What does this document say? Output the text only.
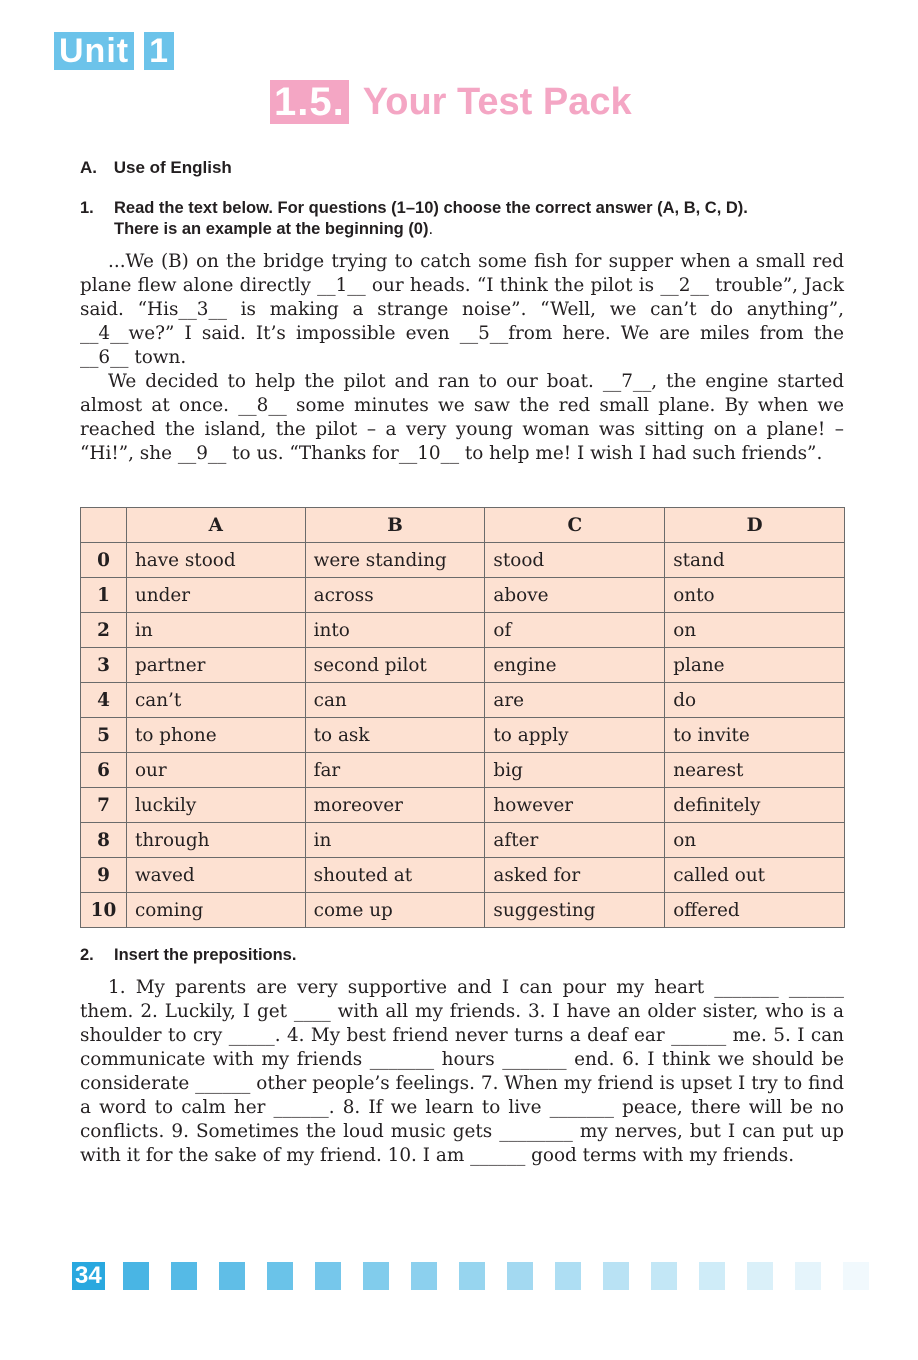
Unit 1
1.5. Your Test Pack
A. Use of English
1.	Read the text below. For questions (1–10) choose the correct answer (A, B, C, D).
There is an example at the beginning (0).

...We (B) on the bridge trying to catch some fish for supper when a small red plane flew alone directly __1__ our heads. “I think the pilot is __2__ trouble”, Jack said. “His__3__ is making a strange noise”. “Well, we can’t do anything”, __4__we?” I said. It’s impossible even __5__from here. We are miles from the __6__ town.

We decided to help the pilot and ran to our boat. __7__, the engine started almost at once. __8__ some minutes we saw the red small plane. By when we reached the island, the pilot – a very young woman was sitting on a plane! – “Hi!”, she __9__ to us. “Thanks for__10__ to help me! I wish I had such friends”.

	A	B	C	D
0	have stood	were standing	stood	stand
1	under	across	above	onto
2	in	into	of	on
3	partner	second pilot	engine	plane
4	can’t	can	are	do
5	to phone	to ask	to apply	to invite
6	our	far	big	nearest
7	luckily	moreover	however	definitely
8	through	in	after	on
9	waved	shouted at	asked for	called out
10	coming	come up	suggesting	offered
2.	Insert the prepositions.

1. My parents are very supportive and I can pour my heart _______ ______ them. 2. Luckily, I get ____ with all my friends. 3. I have an older sister, who is a shoulder to cry _____. 4. My best friend never turns a deaf ear ______ me. 5. I can communicate with my friends _______ hours _______ end. 6. I think we should be considerate ______ other people’s feelings. 7. When my friend is upset I try to find a word to calm her ______. 8. If we learn to live _______ peace, there will be no conflicts. 9. Sometimes the loud music gets ________ my nerves, but I can put up with it for the sake of my friend. 10. I am ______ good terms with my friends.

34
